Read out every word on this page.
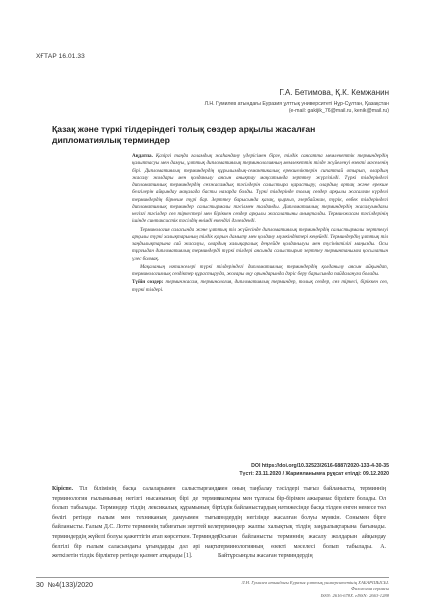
ХҒТАР 16.01.33
Г.А. Бетимова, Қ.К. Кемжанин
Л.Н. Гумилев атындағы Еуразия ұлттық университеті Нұр-Сұлтан, Қазақстан
(e-mail: gakijik_76@mail.ru, kenik@mail.ru)
Қазақ және түркі тілдеріндегі толық сөздер арқылы жасалған дипломатиялық терминдер

Аңдатпа. Қазіргі таңда ғаламдық жаһандану үдерісімен бірге, тілдік саясатта мемлекеттік терминдердің қалыптасуы мен дамуы, ұлттық дипломатиялық терминологияның мемлекеттік тілде жүйеленуі өзекті мәселенің бірі. Дипломатиялық терминдердің құрылымдық-семантикалық ерекшеліктерін сипаттай отырып, олардың жасалу жолдары мен қолданылу аясын анықтау мақсатында зерттеу жүргізілді. Түркі тілдеріндегі дипломатиялық терминдердің сөзжасамдық тәсілдерін салыстыра қарастыру, олардың ортақ және ерекше белгілерін айқындау мақалада басты назарда болды. Түркі тілдерінде толық сөздер арқылы жасалған күрделі терминдердің бірнеше түрі бар. Зерттеу барысында қазақ, қырғыз, әзербайжан, түрік, өзбек тілдеріндегі дипломатиялық терминдер салыстырмалы тәсілмен талданды. Дипломатиялық терминдердің жасалуындағы негізгі тәсілдер сөз тіркестері мен біріккен сөздер арқылы жасалатыны анықталды. Терминжасам тәсілдерінің ішінде синтаксистік тәсілдің өнімді екендігі дәлелденді.

Терминология саласында және ұлттық тіл жүйесінде дипломатиялық терминдердің салыстырмалы зерттелуі арқылы түркі халықтарының тілдік қорын дамыту мен қолдану мүмкіндіктері кеңейеді. Терминдердің ұлттық тіл заңдылықтарына сай жасалуы, олардың халықаралық деңгейде қолданылуы мен түсініктілігі маңызды. Осы тұрғыдан дипломатиялық терминдерді түркі тілдері аясында салыстырып зерттеу терминтанымға қосылатын үлес болмақ.

Мақаланың нәтижелері түркі тілдеріндегі дипломатиялық терминдердің қолданылу аясын айқындап, терминологиялық сөздіктер құрастыруда, жоғары оқу орындарында дәріс беру барысында пайдалануға болады.

Түйін сөздер: терминжасам, терминология, дипломатиялық терминдер, толық сөздер, сөз тіркесі, біріккен сөз, түркі тілдері.

DOI https://doi.org/10.32523/2616-6887/2020-133-4-30-35
Түсті: 23.11.2020 / Жарияланымға рұқсат етілді: 09.12.2020

Кіріспе. Тіл білімінің басқа салаларымен салыстырғанда терминология ғылымының негізгі нысанының бірі де термин болып табылады. Терминдер тілдің лексикалық құрамының бір бөлігі ретінде ғылым мен техниканың дамуымен тығыз байланысты. Ғалым Д.С. Лотте терминнің табиғатын зерттей келе, терминдердің жүйелі болуы қажеттігін атап көрсеткен. Терминдер белгілі бір ғылым саласындағы ұғымдарды дәл әрі нақты жеткізетін тілдік бірліктер ретінде қызмет атқарады [1].

мен оның таңбалау тәсілдері тығыз байланысты, терминнің мазмұны мен тұлғасы бір-бірімен ажырамас бірлікте болады. Ол тілдік байланыстардың нәтижесінде басқа тілден енген немесе төл сөздердің негізінде жасалған болуы мүмкін. Сонымен бірге терминдер жалпы халықтық тілдің заңдылықтарына бағынады. Осыған байланысты терминнің жасалу жолдарын айқындау терминологияның өзекті мәселесі болып табылады. А. Байтұрсынұлы жасаған терминдердің

30 №4(133)/2020	Л.Н. Гумилев атындағы Еуразия ұлттық университетінің ХАБАРШЫСЫ.
Филология сериясы
ISSN: 2616-678X. eISSN: 2663-1288
